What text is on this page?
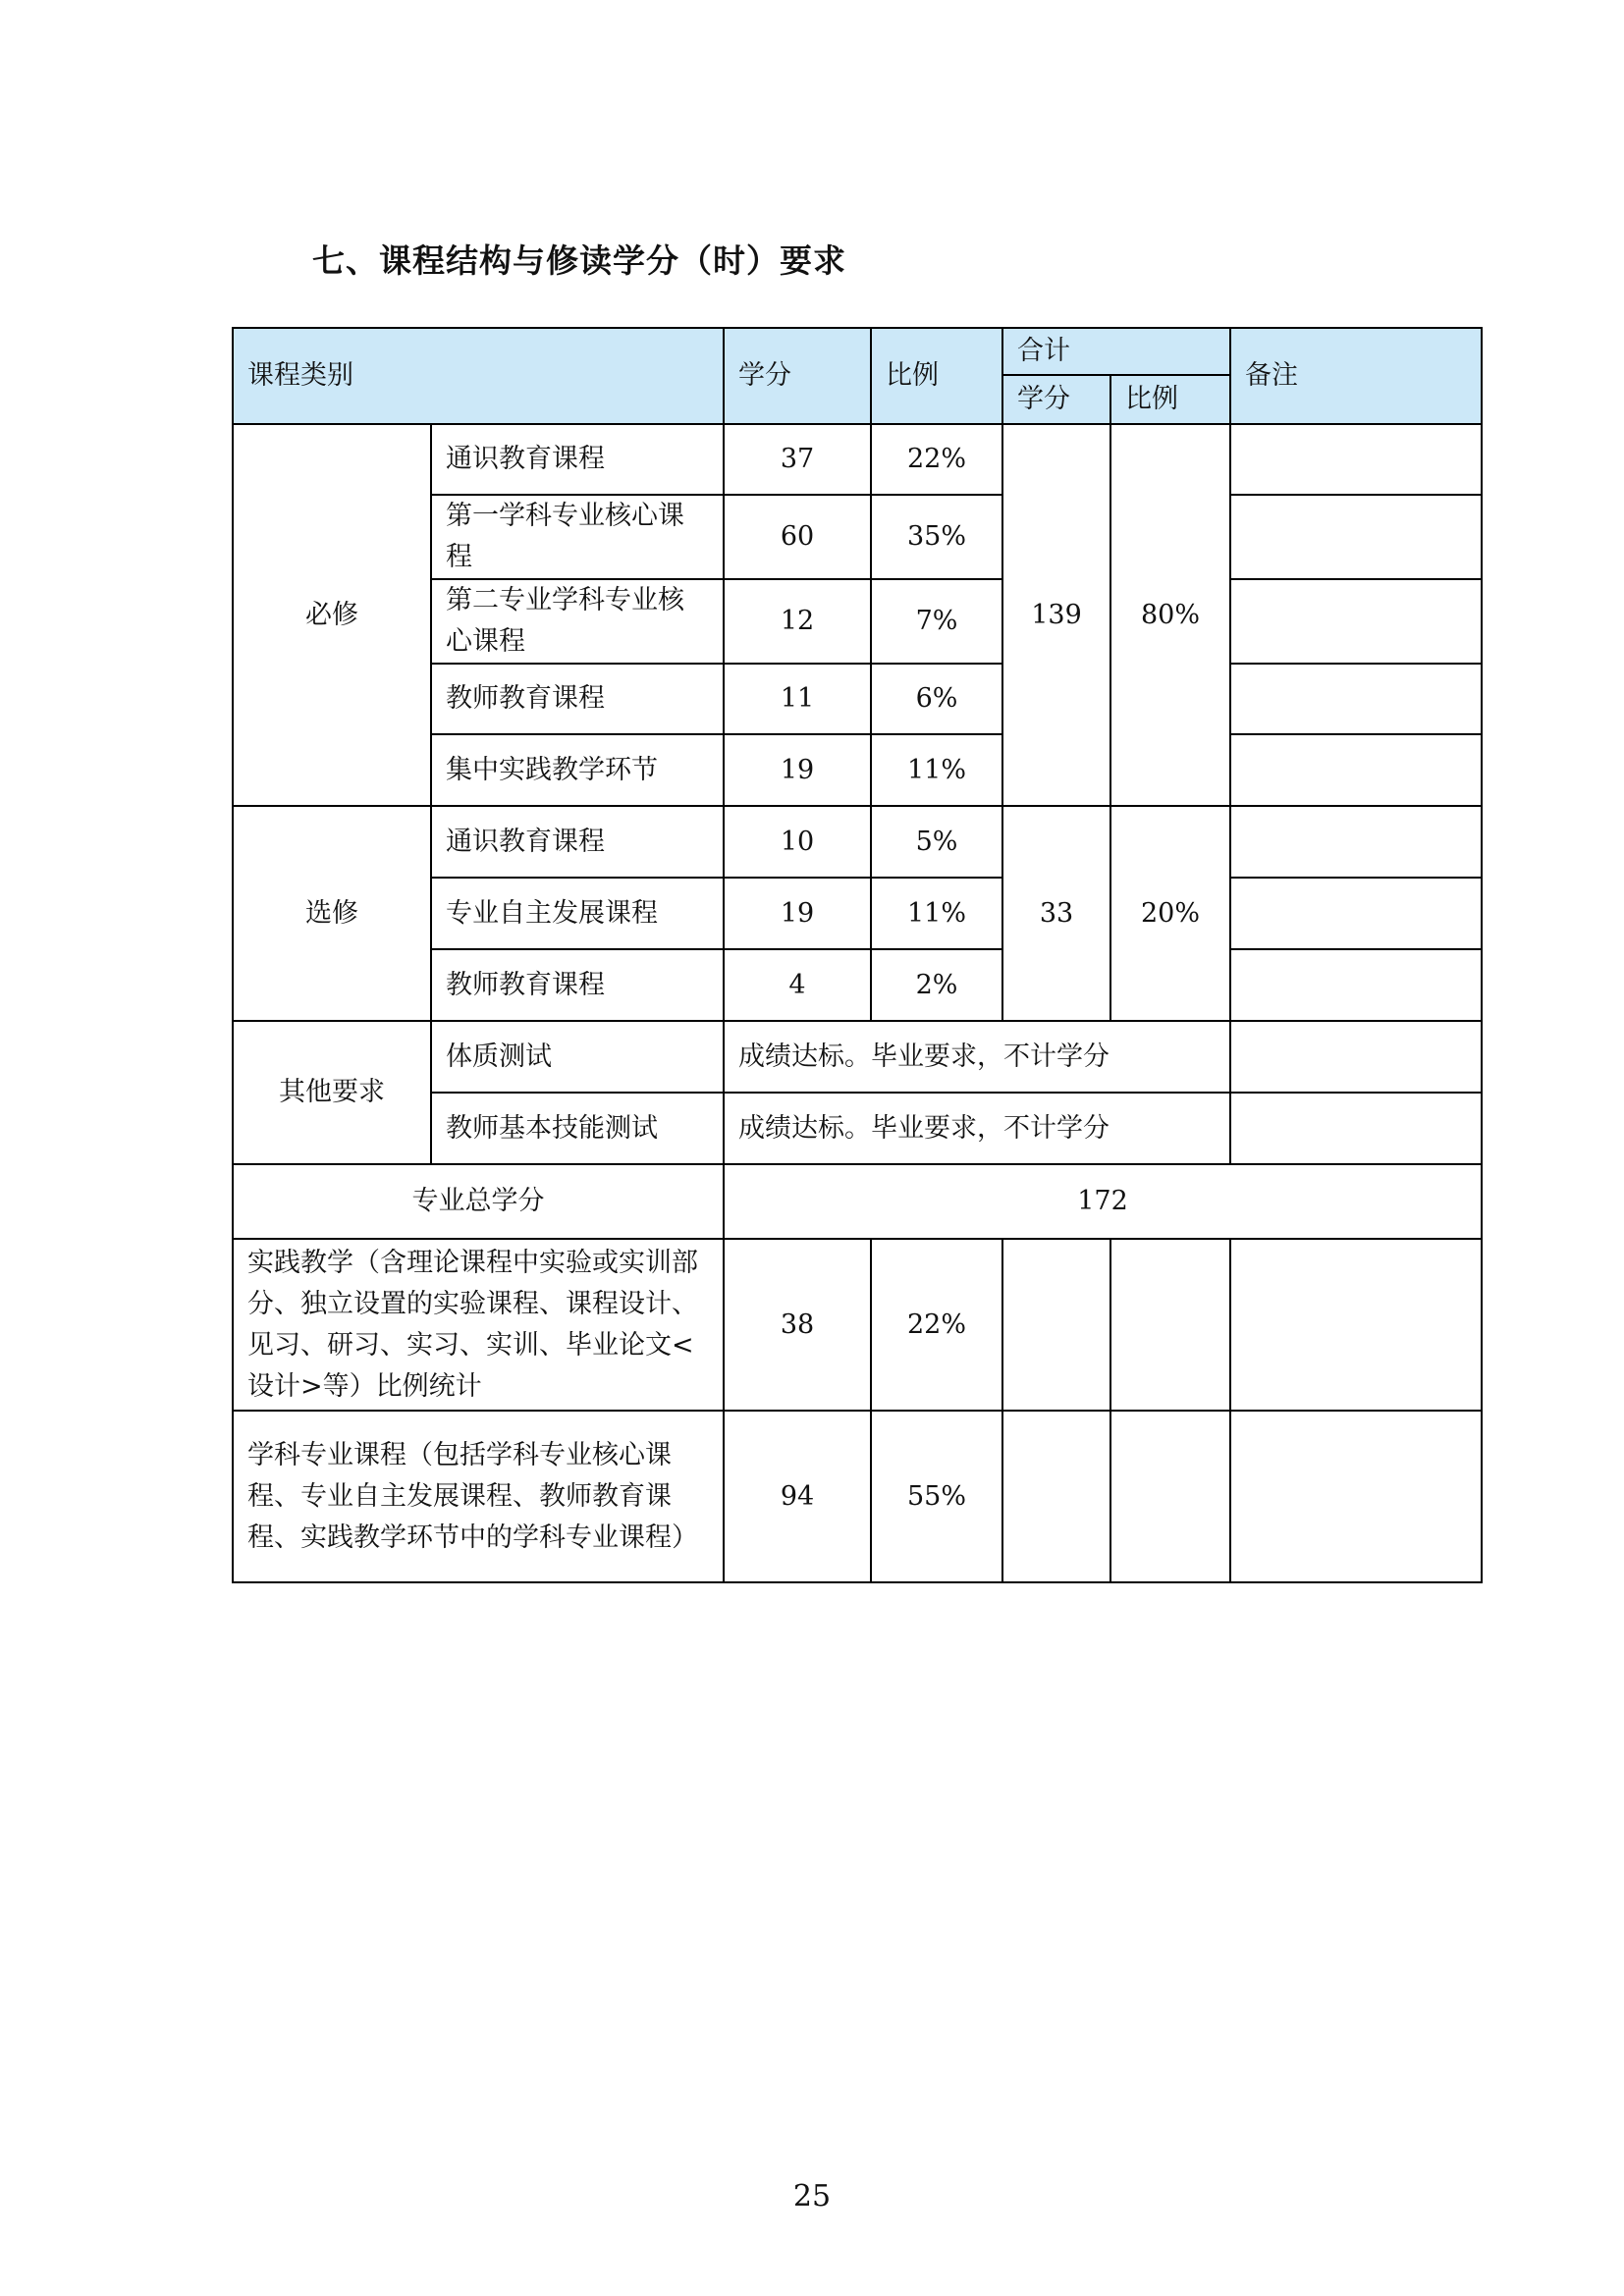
七、课程结构与修读学分（时）要求
课程类别		学分	比例	合计		备注
				学分	比例	
必修	通识教育课程	37	22%	139	80%	
	第一学科专业核心课程	60	35%			
	第二专业学科专业核心课程	12	7%			
	教师教育课程	11	6%			
	集中实践教学环节	19	11%			
选修	通识教育课程	10	5%	33	20%	
	专业自主发展课程	19	11%			
	教师教育课程	4	2%			
其他要求	体质测试	成绩达标。毕业要求，不计学分				
	教师基本技能测试	成绩达标。毕业要求，不计学分				
专业总学分		172				
实践教学（含理论课程中实验或实训部分、独立设置的实验课程、课程设计、见习、研习、实习、实训、毕业论文<设计>等）比例统计		38	22%			
学科专业课程（包括学科专业核心课程、专业自主发展课程、教师教育课程、实践教学环节中的学科专业课程）		94	55%			
25
